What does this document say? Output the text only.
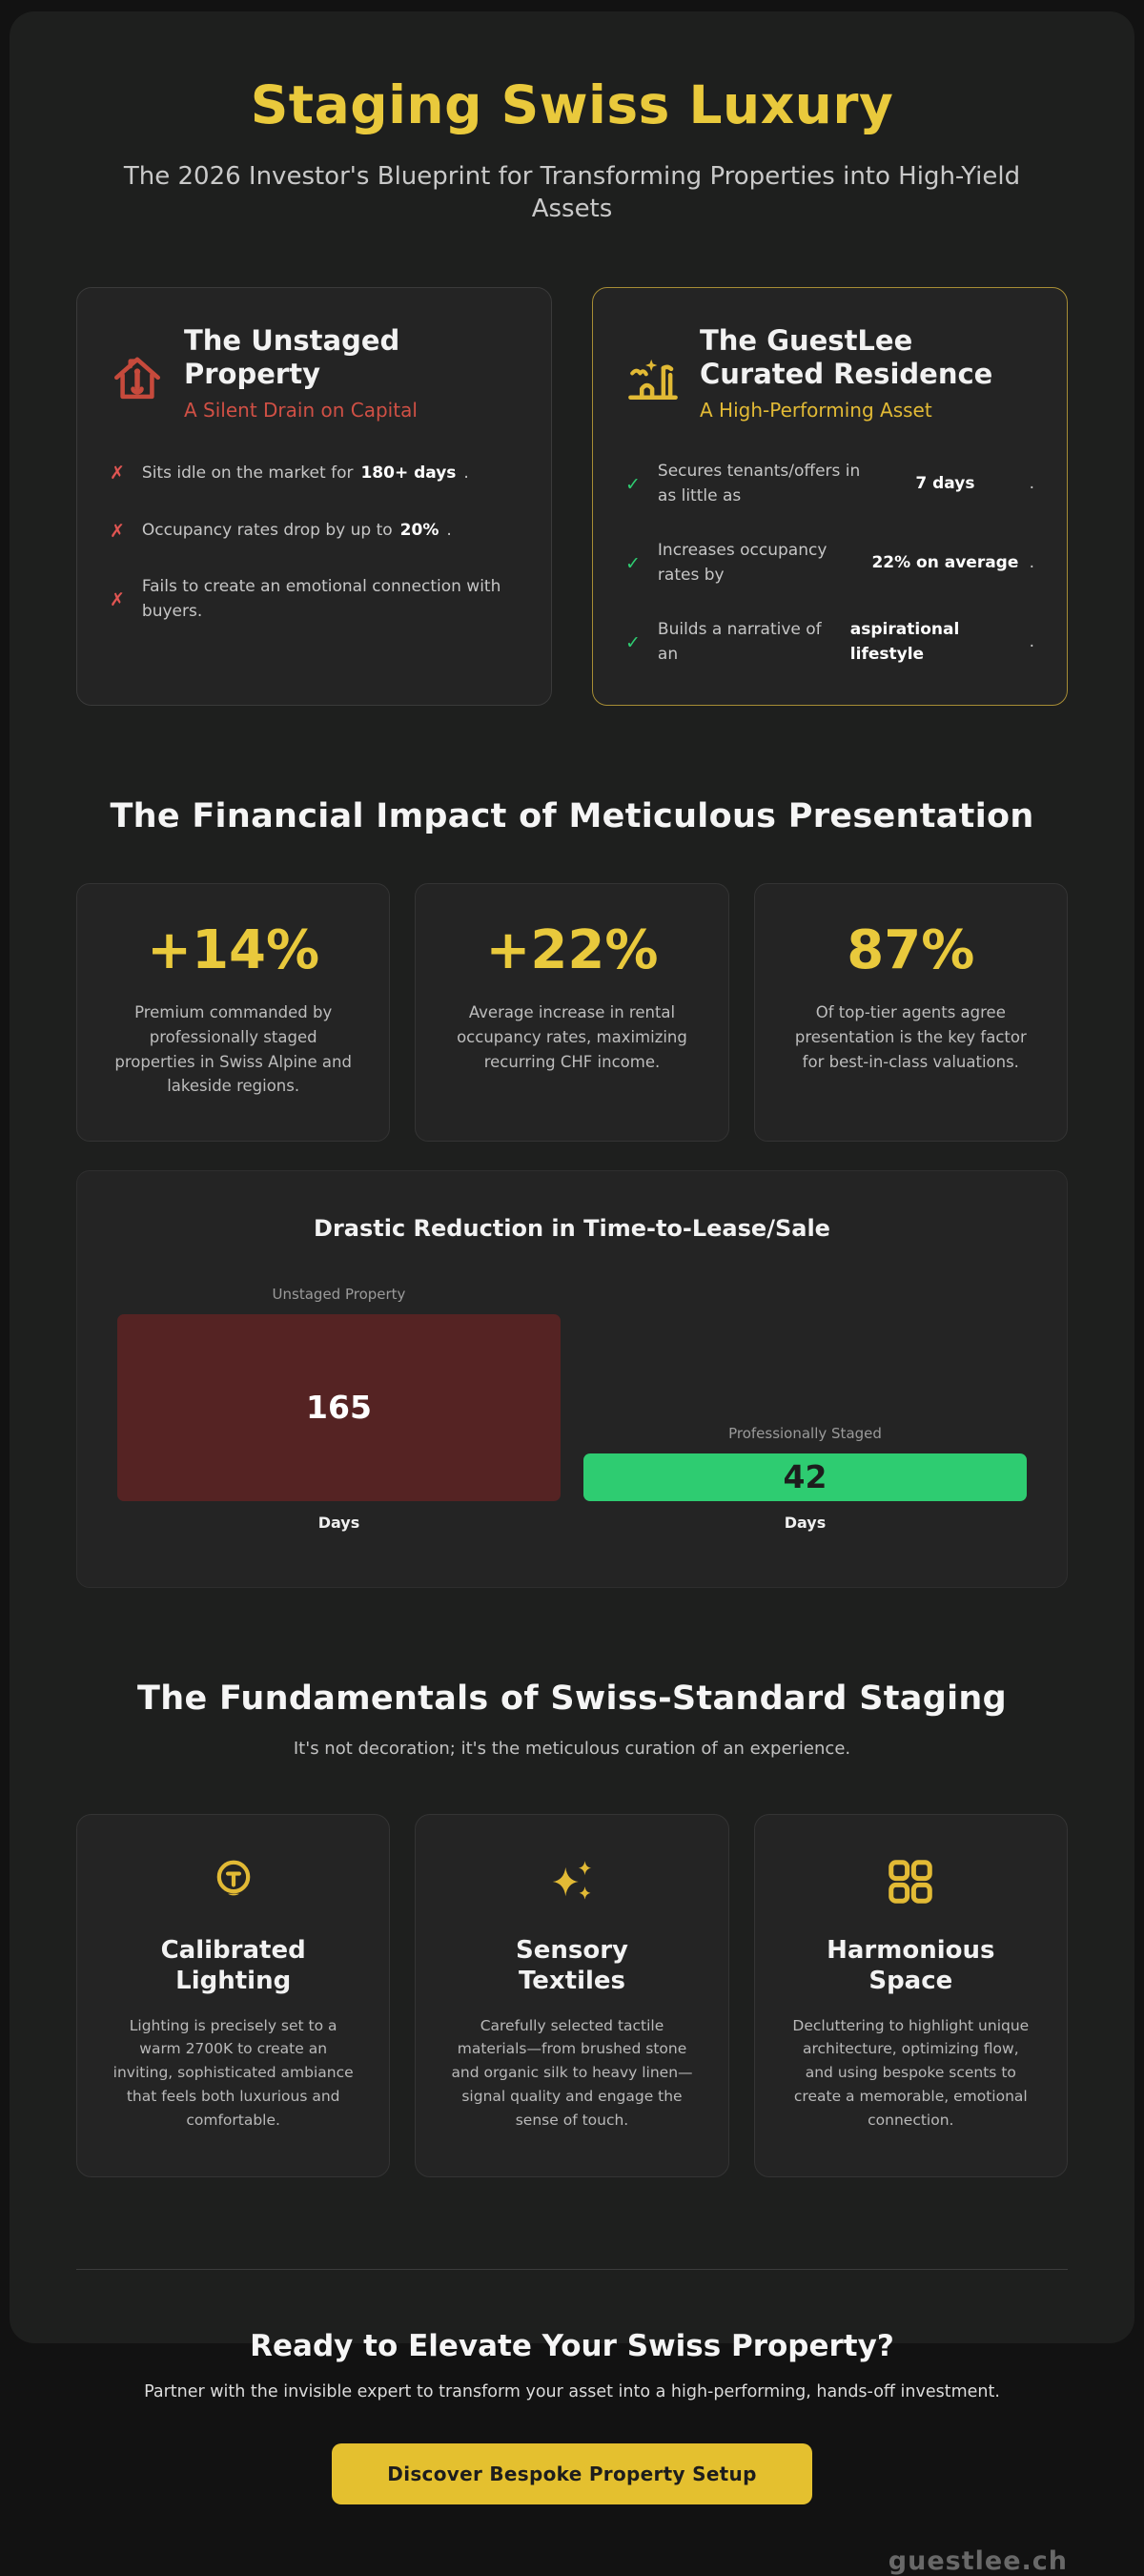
Staging Swiss Luxury

The 2026 Investor's Blueprint for Transforming Properties into High-Yield Assets

The Unstaged Property

A Silent Drain on Capital

✗ Sits idle on the market for 180+ days .
✗ Occupancy rates drop by up to 20% .
✗
Fails to create an emotional connection with buyers.
The GuestLee Curated Residence

A High-Performing Asset

✓
Secures tenants/offers in as little as
7 days	.
✓
Increases occupancy rates by
22% on average .
✓
Builds a narrative of an
aspirational lifestyle
.
The Financial Impact of Meticulous Presentation
+14%

Premium commanded by professionally staged properties in Swiss Alpine and lakeside regions.

+22%

Average increase in rental occupancy rates, maximizing recurring CHF income.

87%

Of top-tier agents agree presentation is the key factor for best-in-class valuations.

Drastic Reduction in Time-to-Lease/Sale
Unstaged Property
165
Days
Professionally Staged
42
Days
The Fundamentals of Swiss-Standard Staging

It's not decoration; it's the meticulous curation of an experience.

Calibrated Lighting

Lighting is precisely set to a warm 2700K to create an inviting, sophisticated ambiance that feels both luxurious and comfortable.

Sensory Textiles

Carefully selected tactile materials—from brushed stone and organic silk to heavy linen—signal quality and engage the sense of touch.

Harmonious Space

Decluttering to highlight unique architecture, optimizing flow, and using bespoke scents to create a memorable, emotional connection.

Ready to Elevate Your Swiss Property?

Partner with the invisible expert to transform your asset into a high-performing, hands-off investment.

Discover Bespoke Property Setup

guestlee.ch
